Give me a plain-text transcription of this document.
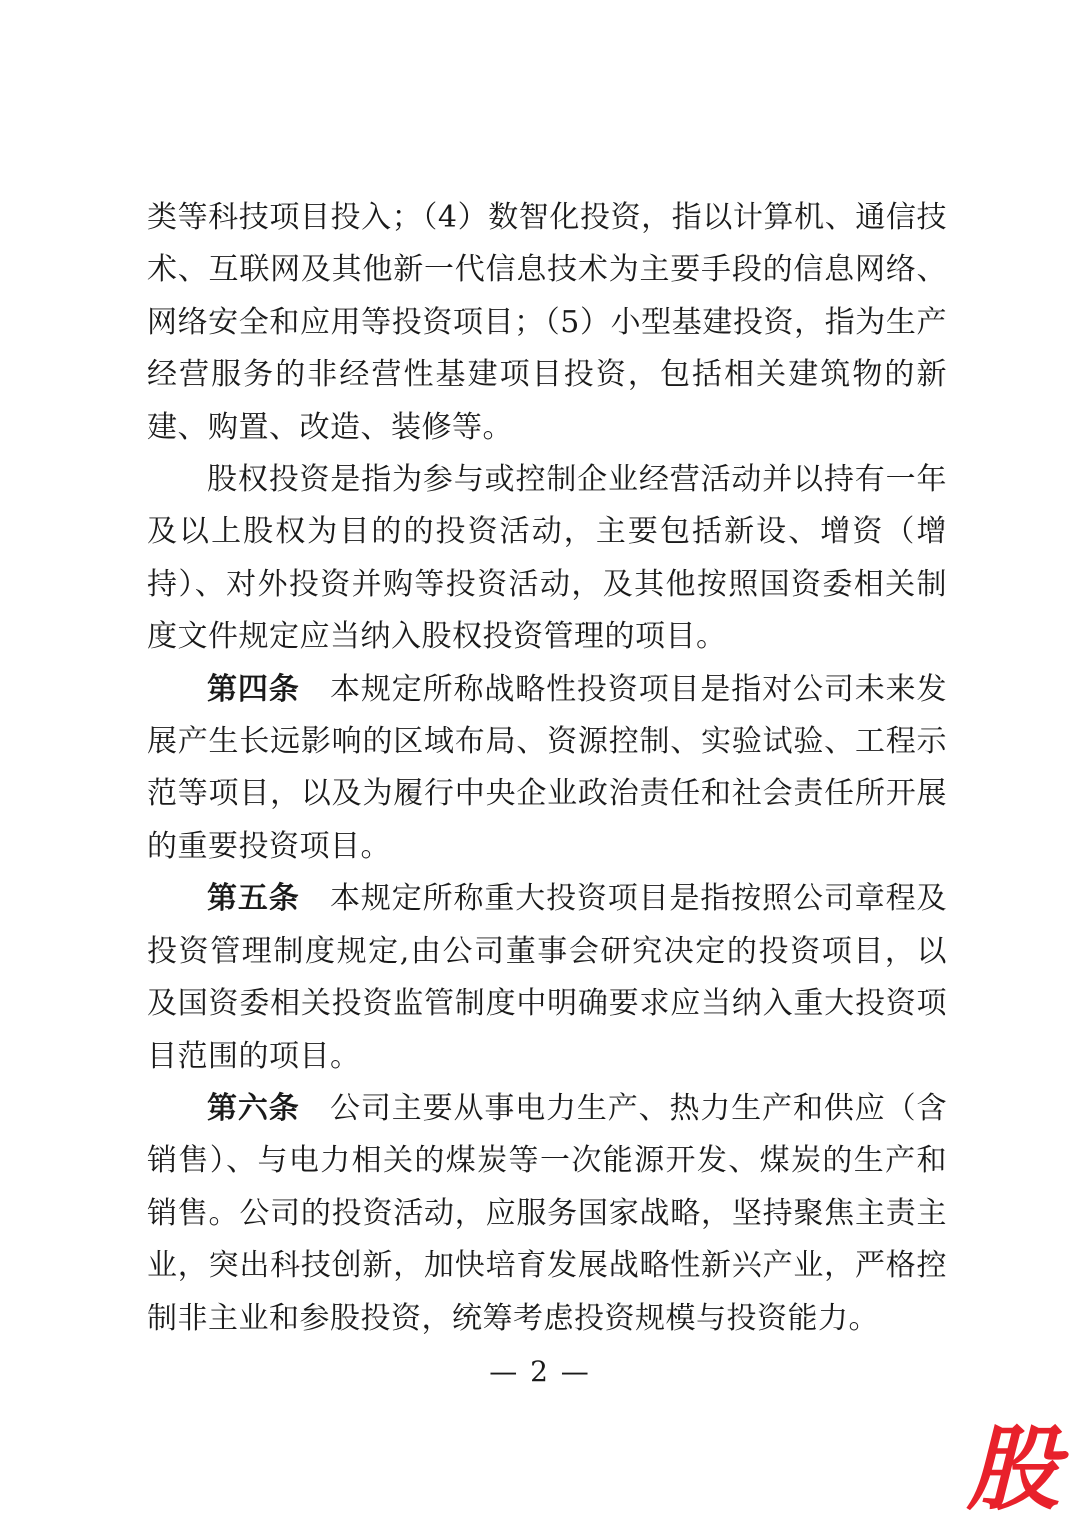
类等科技项目投入；（4）数智化投资，指以计算机、通信技术、互联网及其他新一代信息技术为主要手段的信息网络、网络安全和应用等投资项目；（5）小型基建投资，指为生产经营服务的非经营性基建项目投资，包括相关建筑物的新建、购置、改造、装修等。

股权投资是指为参与或控制企业经营活动并以持有一年及以上股权为目的的投资活动，主要包括新设、增资（增持）、对外投资并购等投资活动，及其他按照国资委相关制度文件规定应当纳入股权投资管理的项目。

第四条 本规定所称战略性投资项目是指对公司未来发展产生长远影响的区域布局、资源控制、实验试验、工程示范等项目，以及为履行中央企业政治责任和社会责任所开展的重要投资项目。

第五条 本规定所称重大投资项目是指按照公司章程及投资管理制度规定,由公司董事会研究决定的投资项目，以及国资委相关投资监管制度中明确要求应当纳入重大投资项目范围的项目。

第六条 公司主要从事电力生产、热力生产和供应（含销售）、与电力相关的煤炭等一次能源开发、煤炭的生产和销售。公司的投资活动，应服务国家战略，坚持聚焦主责主业，突出科技创新，加快培育发展战略性新兴产业，严格控制非主业和参股投资，统筹考虑投资规模与投资能力。

— 2 —
股
